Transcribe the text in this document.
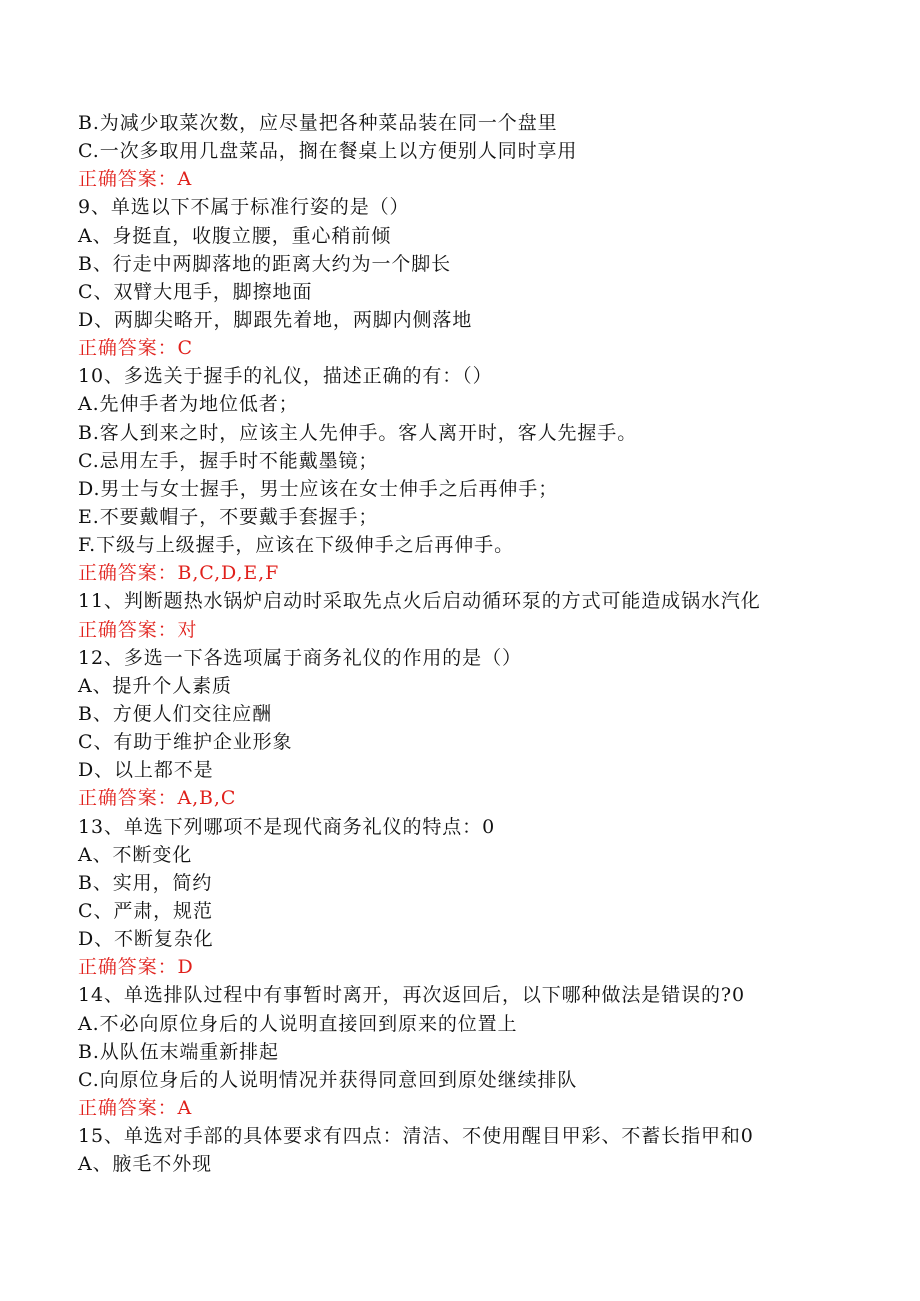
B.为减少取菜次数，应尽量把各种菜品装在同一个盘里
C.一次多取用几盘菜品，搁在餐桌上以方便别人同时享用
正确答案：A
9、单选以下不属于标准行姿的是（）
A、身挺直，收腹立腰，重心稍前倾
B、行走中两脚落地的距离大约为一个脚长
C、双臂大甩手，脚擦地面
D、两脚尖略开，脚跟先着地，两脚内侧落地
正确答案：C
10、多选关于握手的礼仪，描述正确的有：（）
A.先伸手者为地位低者；
B.客人到来之时，应该主人先伸手。客人离开时，客人先握手。
C.忌用左手，握手时不能戴墨镜；
D.男士与女士握手，男士应该在女士伸手之后再伸手；
E.不要戴帽子，不要戴手套握手；
F.下级与上级握手，应该在下级伸手之后再伸手。
正确答案：B,C,D,E,F
11、判断题热水锅炉启动时采取先点火后启动循环泵的方式可能造成锅水汽化
正确答案：对
12、多选一下各选项属于商务礼仪的作用的是（）
A、提升个人素质
B、方便人们交往应酬
C、有助于维护企业形象
D、以上都不是
正确答案：A,B,C
13、单选下列哪项不是现代商务礼仪的特点：0
A、不断变化
B、实用，简约
C、严肃，规范
D、不断复杂化
正确答案：D
14、单选排队过程中有事暂时离开，再次返回后，以下哪种做法是错误的?0
A.不必向原位身后的人说明直接回到原来的位置上
B.从队伍末端重新排起
C.向原位身后的人说明情况并获得同意回到原处继续排队
正确答案：A
15、单选对手部的具体要求有四点：清洁、不使用醒目甲彩、不蓄长指甲和0
A、腋毛不外现
